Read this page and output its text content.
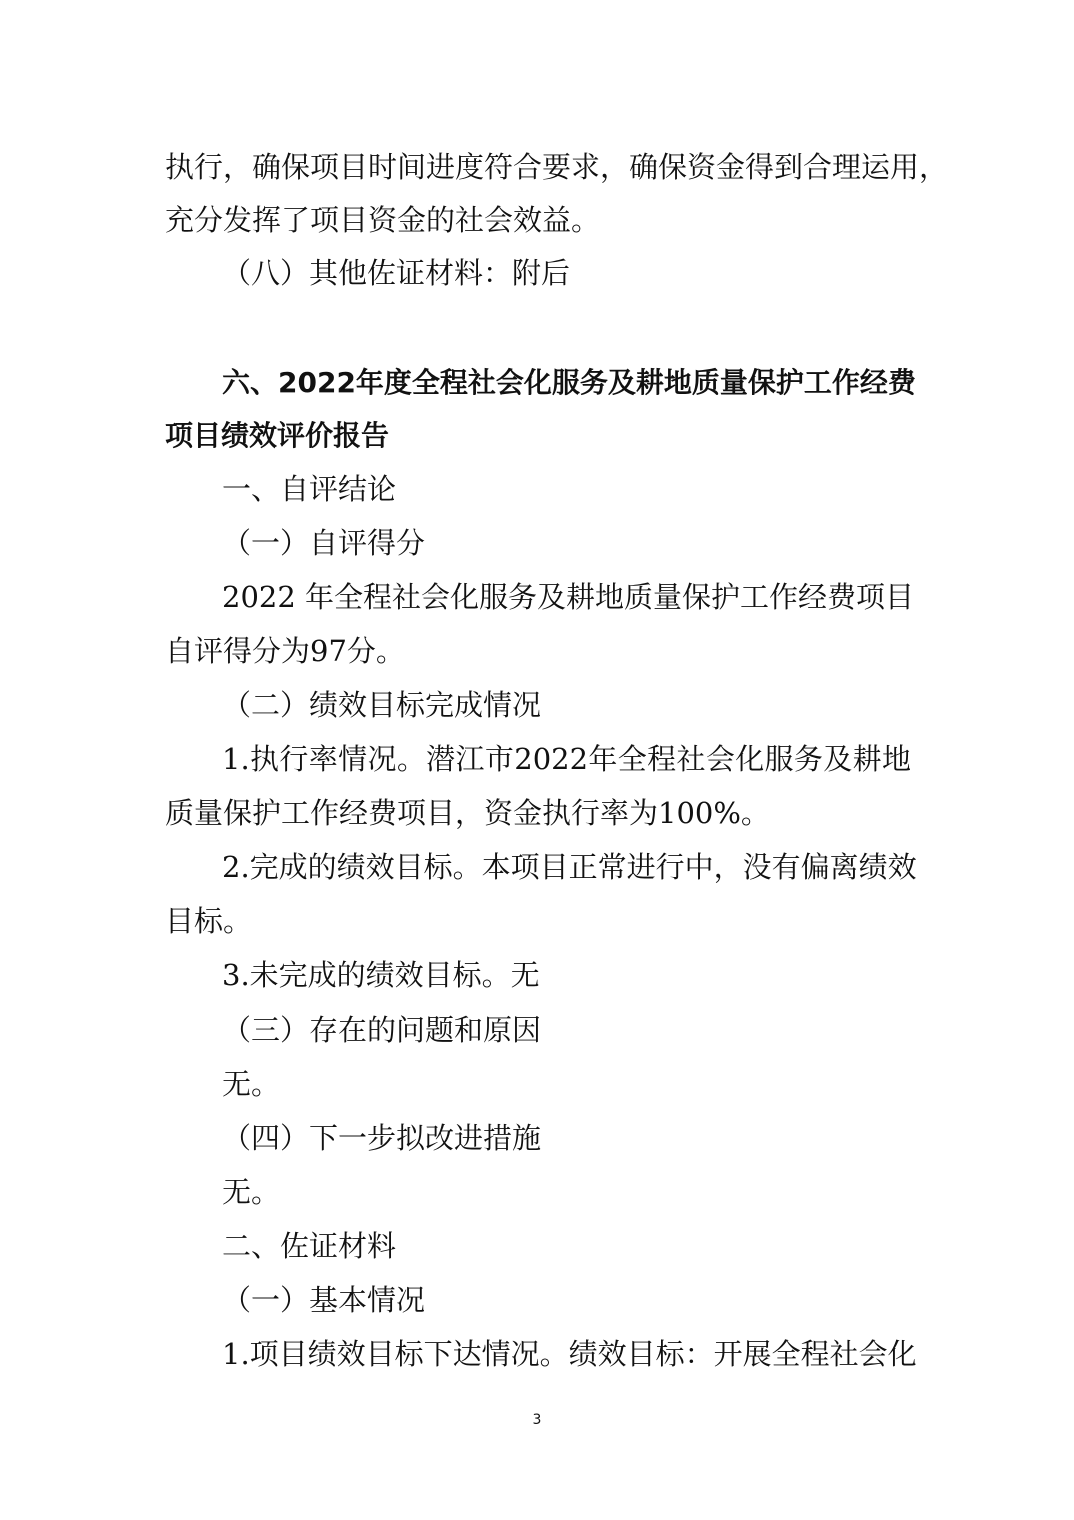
执行，确保项目时间进度符合要求，确保资金得到合理运用，

充分发挥了项目资金的社会效益。

（八）其他佐证材料：附后

六、2022年度全程社会化服务及耕地质量保护工作经费

项目绩效评价报告

一、自评结论

（一）自评得分

2022 年全程社会化服务及耕地质量保护工作经费项目

自评得分为97分。

（二）绩效目标完成情况

1.执行率情况。潜江市2022年全程社会化服务及耕地

质量保护工作经费项目，资金执行率为100%。

2.完成的绩效目标。本项目正常进行中，没有偏离绩效

目标。

3.未完成的绩效目标。无

（三）存在的问题和原因

无。

（四）下一步拟改进措施

无。

二、佐证材料

（一）基本情况

1.项目绩效目标下达情况。绩效目标：开展全程社会化

3
